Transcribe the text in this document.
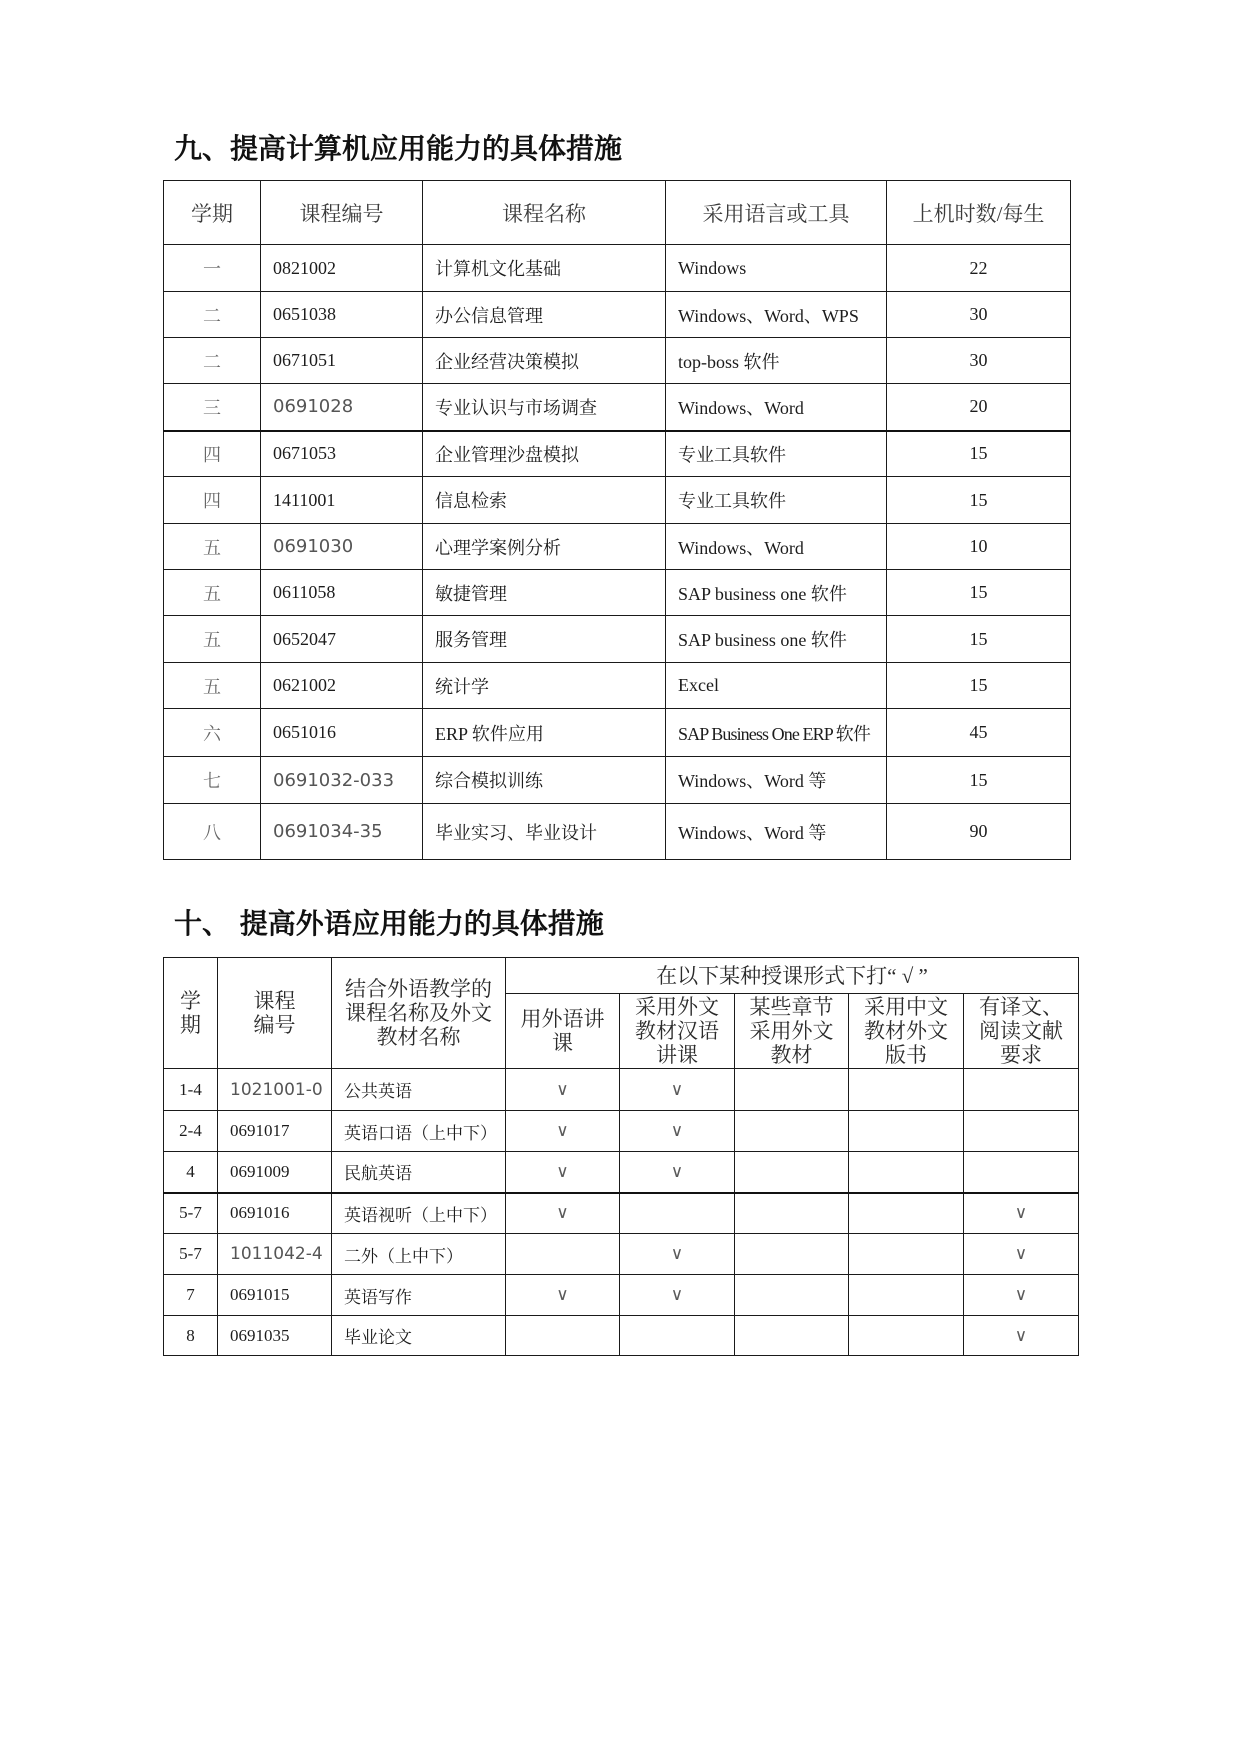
九、提高计算机应用能力的具体措施
学期	课程编号	课程名称	采用语言或工具	上机时数/每生
一	0821002	计算机文化基础	Windows	22
二	0651038	办公信息管理	Windows、Word、WPS	30
二	0671051	企业经营决策模拟	top-boss 软件	30
三	0691028	专业认识与市场调查	Windows、Word	20
四	0671053	企业管理沙盘模拟	专业工具软件	15
四	1411001	信息检索	专业工具软件	15
五	0691030	心理学案例分析	Windows、Word	10
五	0611058	敏捷管理	SAP business one 软件	15
五	0652047	服务管理	SAP business one 软件	15
五	0621002	统计学	Excel	15
六	0651016	ERP 软件应用	SAP Business One ERP 软件	45
七	0691032-033	综合模拟训练	Windows、Word 等	15
八	0691034-35	毕业实习、毕业设计	Windows、Word 等	90
十、 提高外语应用能力的具体措施
学期	课程编号	结合外语教学的课程名称及外文教材名称	在以下某种授课形式下打“ √ ”				
			用外语讲课	采用外文教材汉语讲课	某些章节采用外文教材	采用中文教材外文版书	有译文、阅读文献要求
1-4	1021001-0	公共英语	∨	∨			
2-4	0691017	英语口语（上中下）	∨	∨			
4	0691009	民航英语	∨	∨			
5-7	0691016	英语视听（上中下）	∨				∨
5-7	1011042-4	二外（上中下）		∨			∨
7	0691015	英语写作	∨	∨			∨
8	0691035	毕业论文					∨
